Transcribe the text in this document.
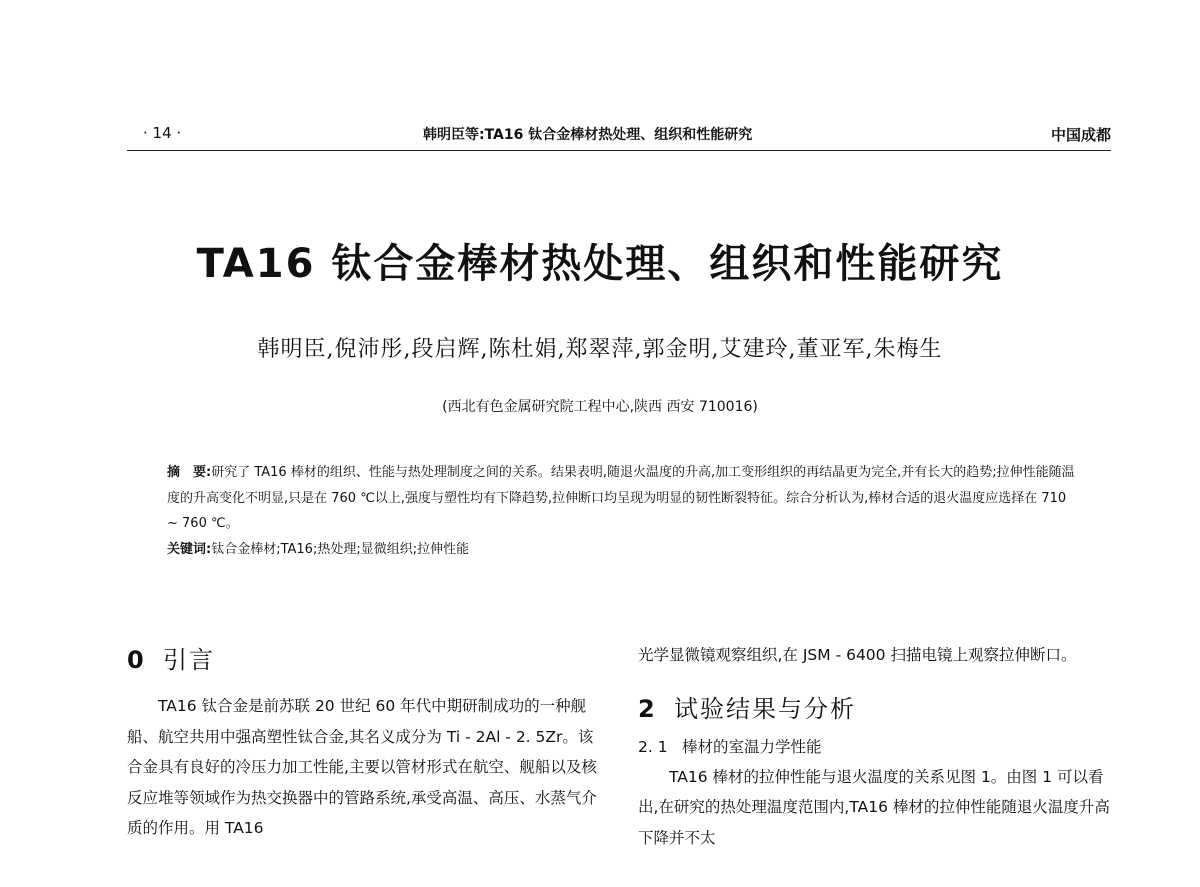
· 14 ·	韩明臣等:TA16 钛合金棒材热处理、组织和性能研究	中国成都
TA16 钛合金棒材热处理、组织和性能研究
韩明臣,倪沛彤,段启辉,陈杜娟,郑翠萍,郭金明,艾建玲,董亚军,朱梅生
(西北有色金属研究院工程中心,陕西 西安 710016)

摘　要:研究了 TA16 棒材的组织、性能与热处理制度之间的关系。结果表明,随退火温度的升高,加工变形组织的再结晶更为完全,并有长大的趋势;拉伸性能随温度的升高变化不明显,只是在 760 ℃以上,强度与塑性均有下降趋势,拉伸断口均呈现为明显的韧性断裂特征。综合分析认为,棒材合适的退火温度应选择在 710 ~ 760 ℃。

关键词:钛合金棒材;TA16;热处理;显微组织;拉伸性能

0 引言

TA16 钛合金是前苏联 20 世纪 60 年代中期研制成功的一种舰船、航空共用中强高塑性钛合金,其名义成分为 Ti - 2Al - 2. 5Zr。该合金具有良好的冷压力加工性能,主要以管材形式在航空、舰船以及核反应堆等领域作为热交换器中的管路系统,承受高温、高压、水蒸气介质的作用。用 TA16

光学显微镜观察组织,在 JSM - 6400 扫描电镜上观察拉伸断口。

2 试验结果与分析

2. 1 棒材的室温力学性能

TA16 棒材的拉伸性能与退火温度的关系见图 1。由图 1 可以看出,在研究的热处理温度范围内,TA16 棒材的拉伸性能随退火温度升高下降并不太
